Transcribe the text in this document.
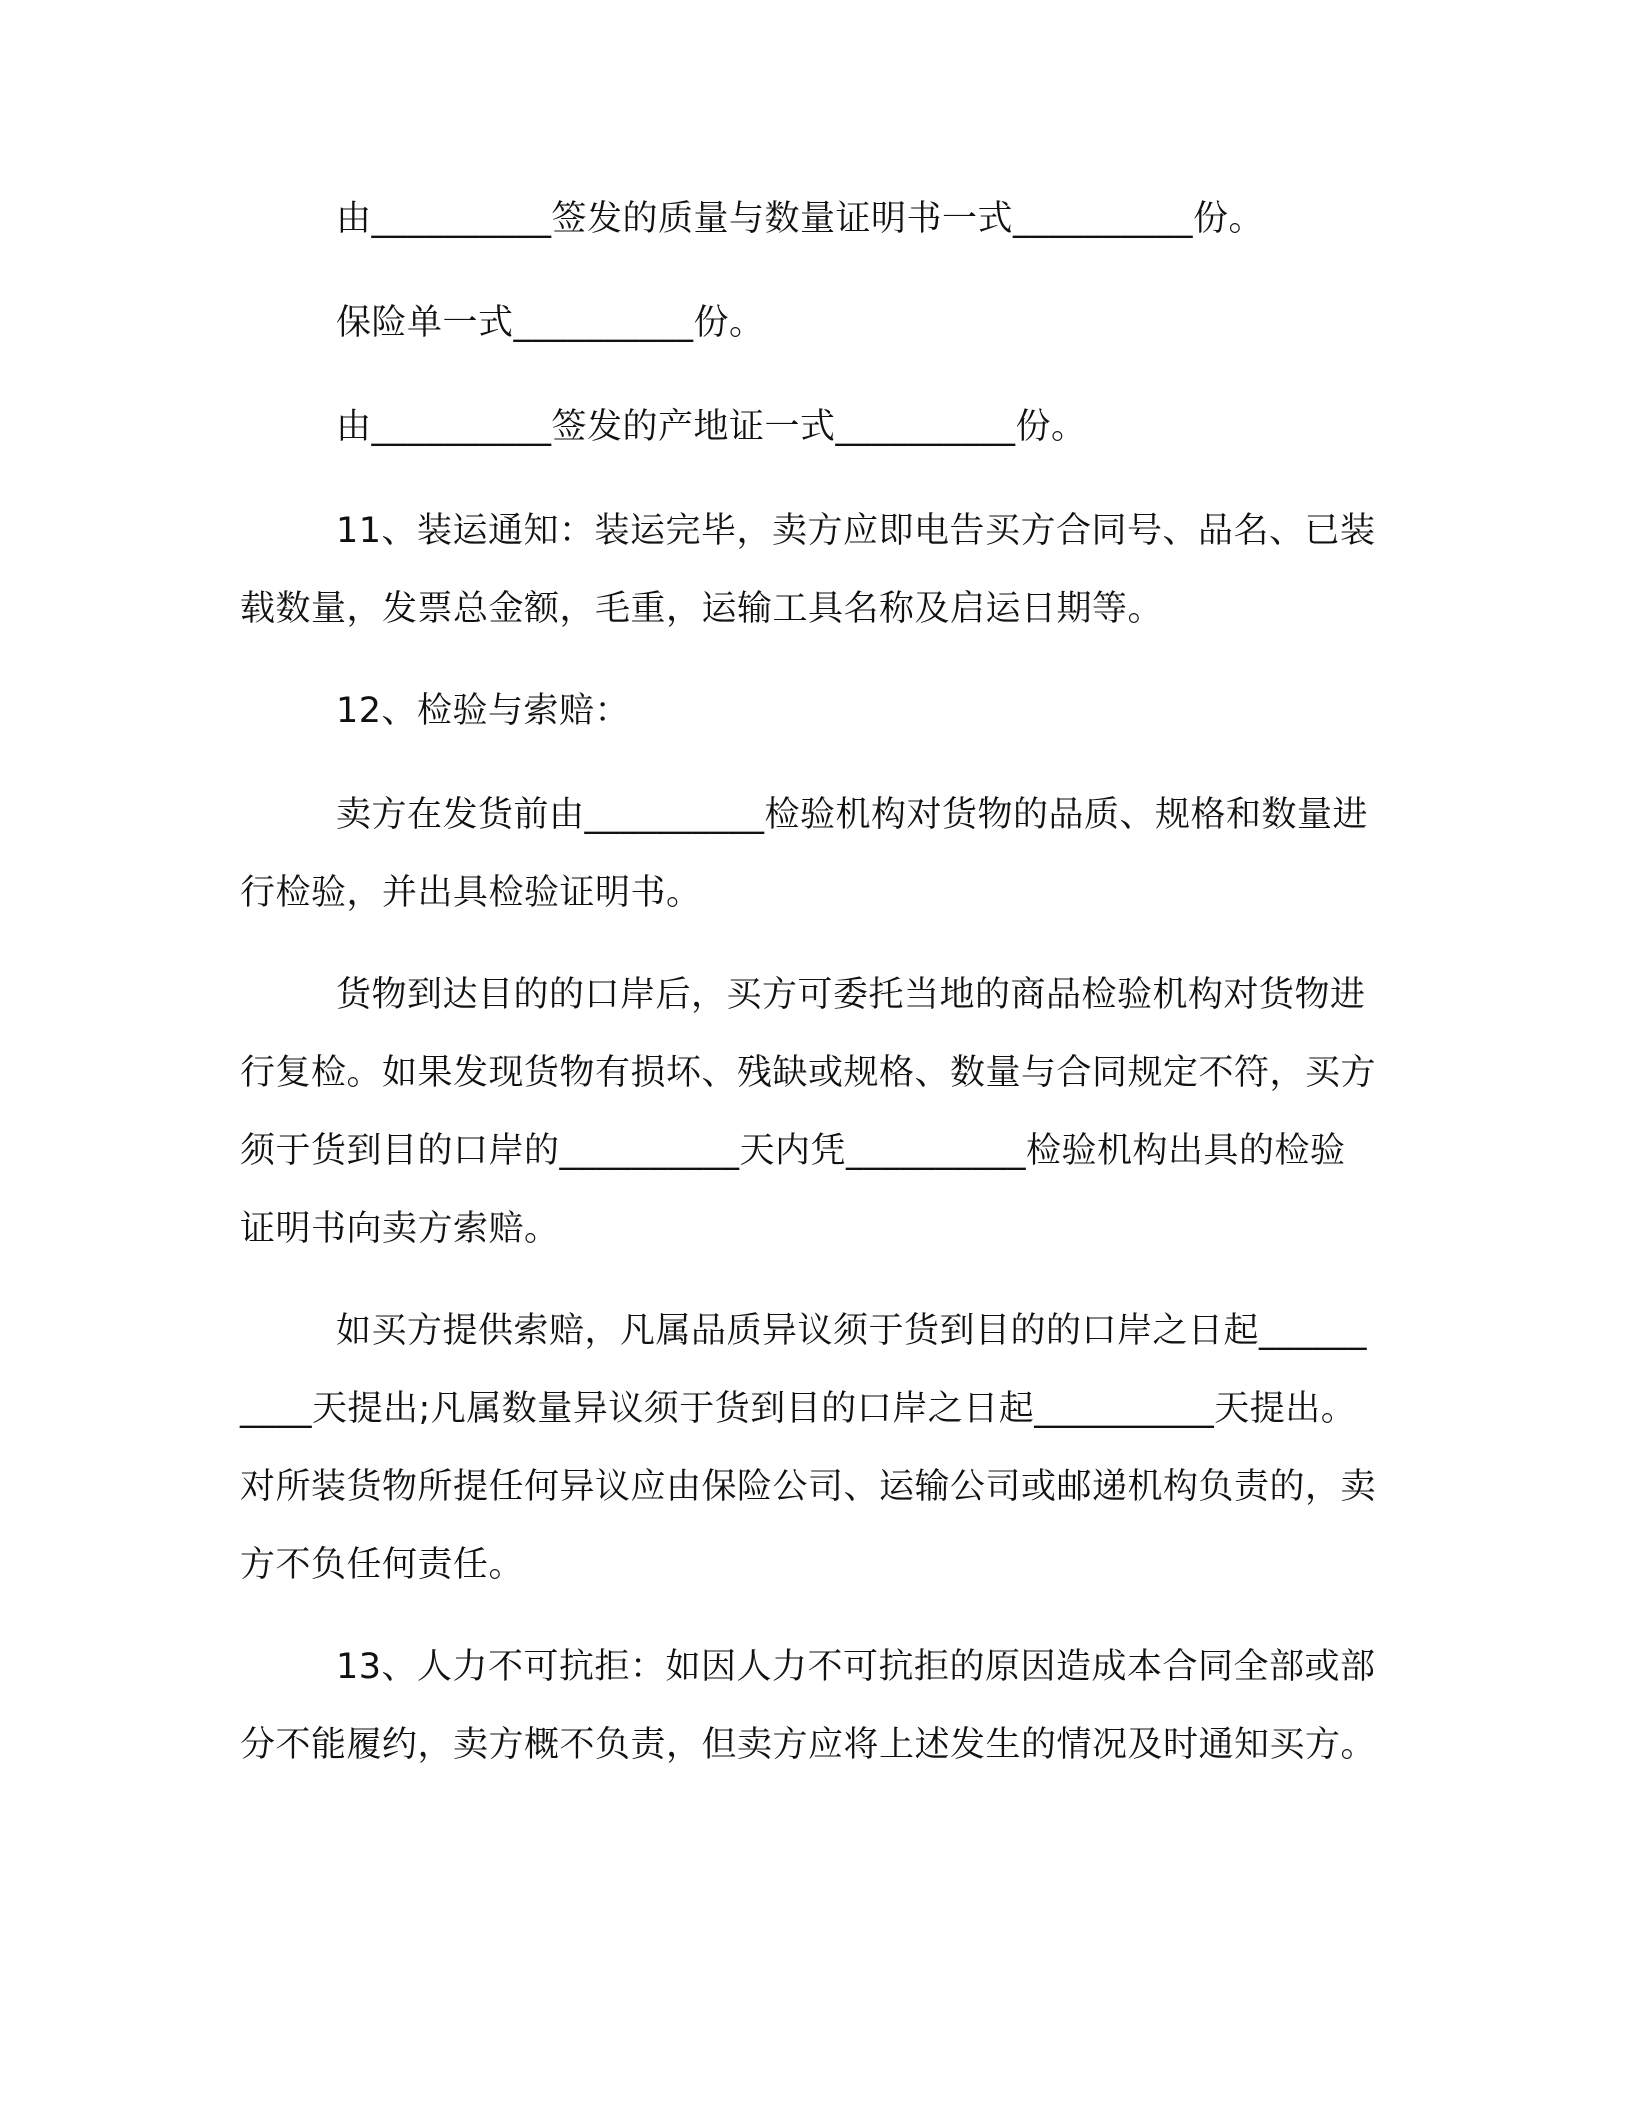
由__________签发的质量与数量证明书一式__________份。

保险单一式__________份。

由__________签发的产地证一式__________份。

11、装运通知：装运完毕，卖方应即电告买方合同号、品名、已装载数量，发票总金额，毛重，运输工具名称及启运日期等。

12、检验与索赔：

卖方在发货前由__________检验机构对货物的品质、规格和数量进行检验，并出具检验证明书。

货物到达目的的口岸后，买方可委托当地的商品检验机构对货物进行复检。如果发现货物有损坏、残缺或规格、数量与合同规定不符，买方须于货到目的口岸的__________天内凭__________检验机构出具的检验证明书向卖方索赔。

如买方提供索赔，凡属品质异议须于货到目的的口岸之日起__________天提出;凡属数量异议须于货到目的口岸之日起__________天提出。对所装货物所提任何异议应由保险公司、运输公司或邮递机构负责的，卖方不负任何责任。

13、人力不可抗拒：如因人力不可抗拒的原因造成本合同全部或部分不能履约，卖方概不负责，但卖方应将上述发生的情况及时通知买方。
